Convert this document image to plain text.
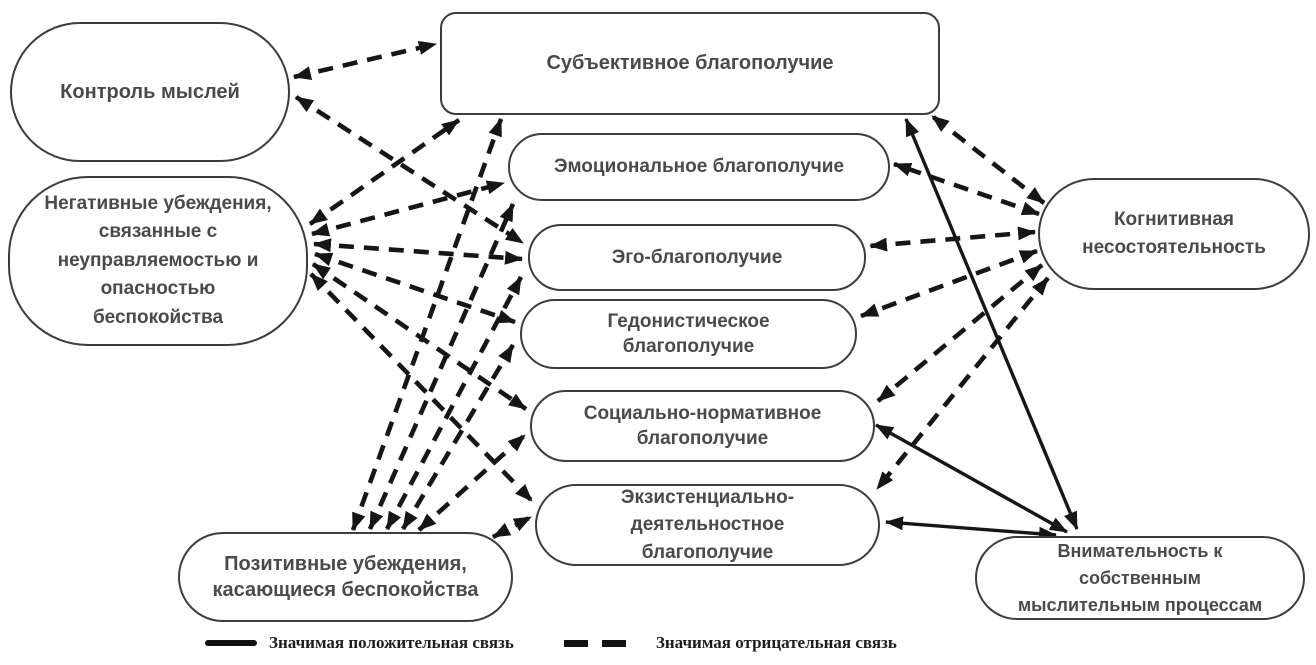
Контроль мыслей
Негативные убеждения, связанные с неуправляемостью и опасностью беспокойства
Позитивные убеждения, касающиеся беспокойства
Субъективное благополучие
Эмоциональное благополучие
Эго-благополучие
Гедонистическое благополучие
Социально-нормативное благополучие
Экзистенциально-деятельностное благополучие
Когнитивная несостоятельность
Внимательность к собственным мыслительным процессам
Значимая положительная связь	Значимая отрицательная связь
